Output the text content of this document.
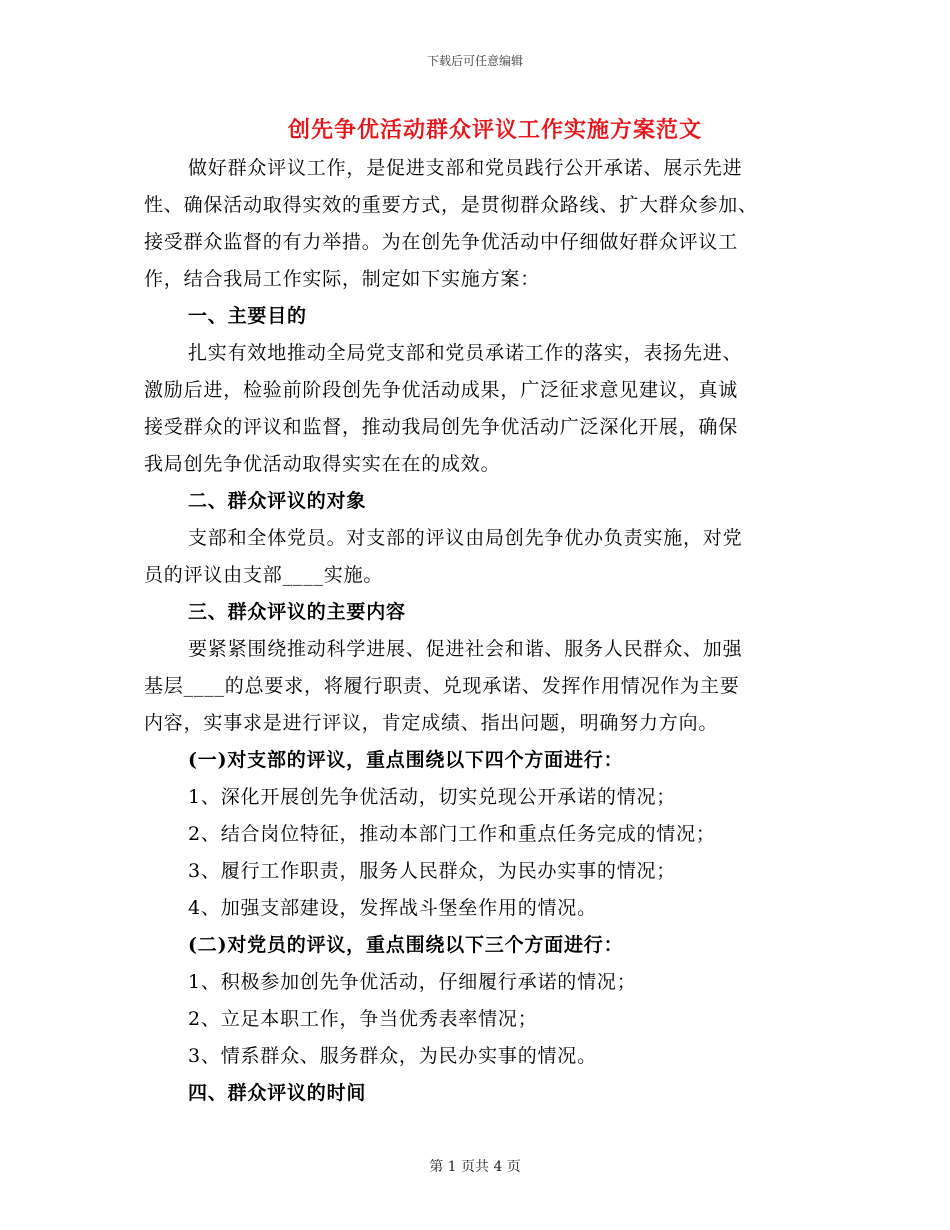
下载后可任意编辑
创先争优活动群众评议工作实施方案范文
做好群众评议工作，是促进支部和党员践行公开承诺、展示先进
性、确保活动取得实效的重要方式，是贯彻群众路线、扩大群众参加、
接受群众监督的有力举措。为在创先争优活动中仔细做好群众评议工
作，结合我局工作实际，制定如下实施方案：
一、主要目的
扎实有效地推动全局党支部和党员承诺工作的落实，表扬先进、
激励后进，检验前阶段创先争优活动成果，广泛征求意见建议，真诚
接受群众的评议和监督，推动我局创先争优活动广泛深化开展，确保
我局创先争优活动取得实实在在的成效。
二、群众评议的对象
支部和全体党员。对支部的评议由局创先争优办负责实施，对党
员的评议由支部____实施。
三、群众评议的主要内容
要紧紧围绕推动科学进展、促进社会和谐、服务人民群众、加强
基层____的总要求，将履行职责、兑现承诺、发挥作用情况作为主要
内容，实事求是进行评议，肯定成绩、指出问题，明确努力方向。
(一)对支部的评议，重点围绕以下四个方面进行：
1、深化开展创先争优活动，切实兑现公开承诺的情况；
2、结合岗位特征，推动本部门工作和重点任务完成的情况；
3、履行工作职责，服务人民群众，为民办实事的情况；
4、加强支部建设，发挥战斗堡垒作用的情况。
(二)对党员的评议，重点围绕以下三个方面进行：
1、积极参加创先争优活动，仔细履行承诺的情况；
2、立足本职工作，争当优秀表率情况；
3、情系群众、服务群众，为民办实事的情况。
四、群众评议的时间
第 1 页共 4 页
